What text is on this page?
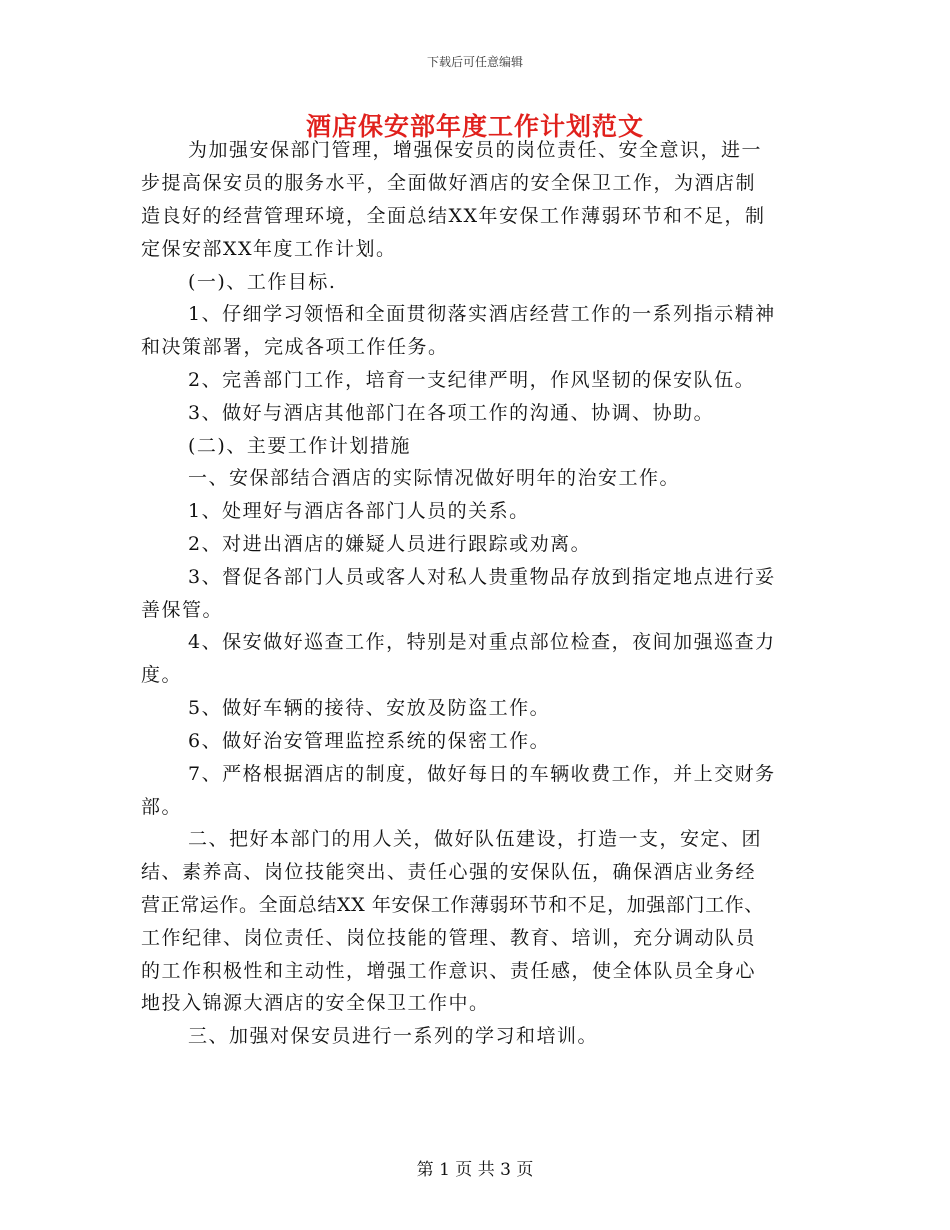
下载后可任意编辑
酒店保安部年度工作计划范文
为加强安保部门管理，增强保安员的岗位责任、安全意识，进一
步提高保安员的服务水平，全面做好酒店的安全保卫工作，为酒店制
造良好的经营管理环境，全面总结XX年安保工作薄弱环节和不足，制
定保安部XX年度工作计划。
(一)、工作目标.
1、仔细学习领悟和全面贯彻落实酒店经营工作的一系列指示精神
和决策部署，完成各项工作任务。
2、完善部门工作，培育一支纪律严明，作风坚韧的保安队伍。
3、做好与酒店其他部门在各项工作的沟通、协调、协助。
(二)、主要工作计划措施
一、安保部结合酒店的实际情况做好明年的治安工作。
1、处理好与酒店各部门人员的关系。
2、对进出酒店的嫌疑人员进行跟踪或劝离。
3、督促各部门人员或客人对私人贵重物品存放到指定地点进行妥
善保管。
4、保安做好巡查工作，特别是对重点部位检查，夜间加强巡查力
度。
5、做好车辆的接待、安放及防盗工作。
6、做好治安管理监控系统的保密工作。
7、严格根据酒店的制度，做好每日的车辆收费工作，并上交财务
部。
二、把好本部门的用人关，做好队伍建设，打造一支，安定、团
结、素养高、岗位技能突出、责任心强的安保队伍，确保酒店业务经
营正常运作。全面总结XX 年安保工作薄弱环节和不足，加强部门工作、
工作纪律、岗位责任、岗位技能的管理、教育、培训，充分调动队员
的工作积极性和主动性，增强工作意识、责任感，使全体队员全身心
地投入锦源大酒店的安全保卫工作中。
三、加强对保安员进行一系列的学习和培训。
第 1 页 共 3 页
